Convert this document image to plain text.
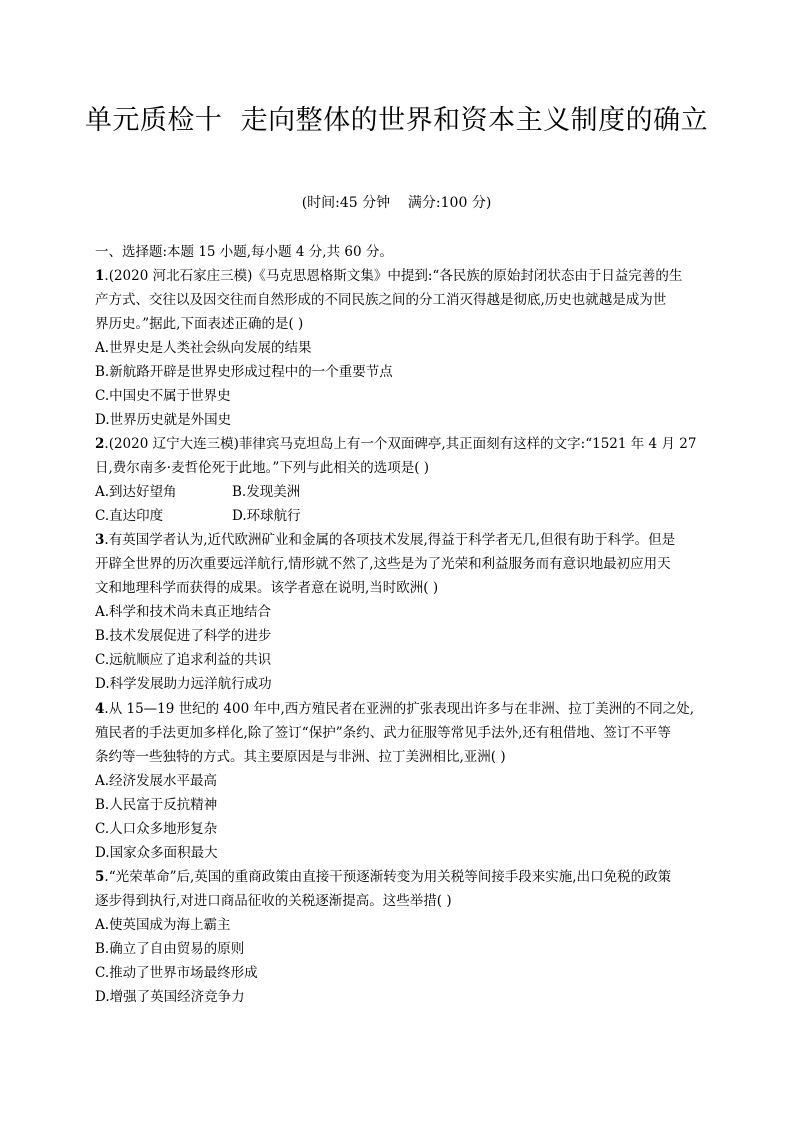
单元质检十  走向整体的世界和资本主义制度的确立
(时间:45 分钟    满分:100 分)
一、选择题:本题 15 小题,每小题 4 分,共 60 分。
1.(2020 河北石家庄三模)《马克思恩格斯文集》中提到:“各民族的原始封闭状态由于日益完善的生
产方式、交往以及因交往而自然形成的不同民族之间的分工消灭得越是彻底,历史也就越是成为世
界历史。”据此,下面表述正确的是( )
A.世界史是人类社会纵向发展的结果
B.新航路开辟是世界史形成过程中的一个重要节点
C.中国史不属于世界史
D.世界历史就是外国史
2.(2020 辽宁大连三模)菲律宾马克坦岛上有一个双面碑亭,其正面刻有这样的文字:“1521 年 4 月 27
日,费尔南多·麦哲伦死于此地。”下列与此相关的选项是( )
A.到达好望角	B.发现美洲
C.直达印度	D.环球航行
3.有英国学者认为,近代欧洲矿业和金属的各项技术发展,得益于科学者无几,但很有助于科学。但是
开辟全世界的历次重要远洋航行,情形就不然了,这些是为了光荣和利益服务而有意识地最初应用天
文和地理科学而获得的成果。该学者意在说明,当时欧洲( )
A.科学和技术尚未真正地结合
B.技术发展促进了科学的进步
C.远航顺应了追求利益的共识
D.科学发展助力远洋航行成功
4.从 15—19 世纪的 400 年中,西方殖民者在亚洲的扩张表现出许多与在非洲、拉丁美洲的不同之处,
殖民者的手法更加多样化,除了签订“保护”条约、武力征服等常见手法外,还有租借地、签订不平等
条约等一些独特的方式。其主要原因是与非洲、拉丁美洲相比,亚洲( )
A.经济发展水平最高
B.人民富于反抗精神
C.人口众多地形复杂
D.国家众多面积最大
5.“光荣革命”后,英国的重商政策由直接干预逐渐转变为用关税等间接手段来实施,出口免税的政策
逐步得到执行,对进口商品征收的关税逐渐提高。这些举措( )
A.使英国成为海上霸主
B.确立了自由贸易的原则
C.推动了世界市场最终形成
D.增强了英国经济竞争力
